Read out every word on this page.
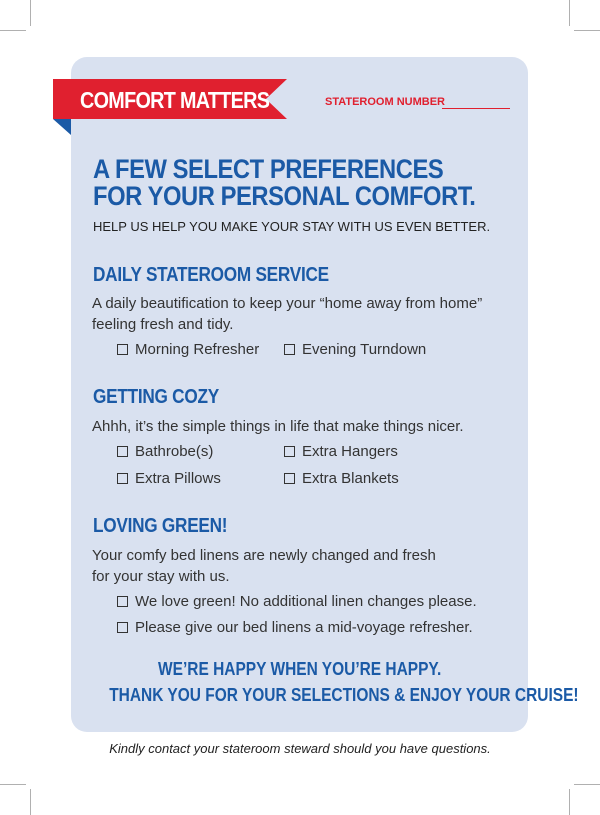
COMFORT MATTERS	STATEROOM NUMBER
A FEW SELECT PREFERENCES
FOR YOUR PERSONAL COMFORT.
HELP US HELP YOU MAKE YOUR STAY WITH US EVEN BETTER.
DAILY STATEROOM SERVICE
A daily beautification to keep your “home away from home”
feeling fresh and tidy.
Morning Refresher	Evening Turndown
GETTING COZY
Ahhh, it’s the simple things in life that make things nicer.
Bathrobe(s)	Extra Hangers
Extra Pillows	Extra Blankets
LOVING GREEN!
Your comfy bed linens are newly changed and fresh
for your stay with us.
We love green! No additional linen changes please.
Please give our bed linens a mid-voyage refresher.
WE’RE HAPPY WHEN YOU’RE HAPPY.
THANK YOU FOR YOUR SELECTIONS & ENJOY YOUR CRUISE!
Kindly contact your stateroom steward should you have questions.
